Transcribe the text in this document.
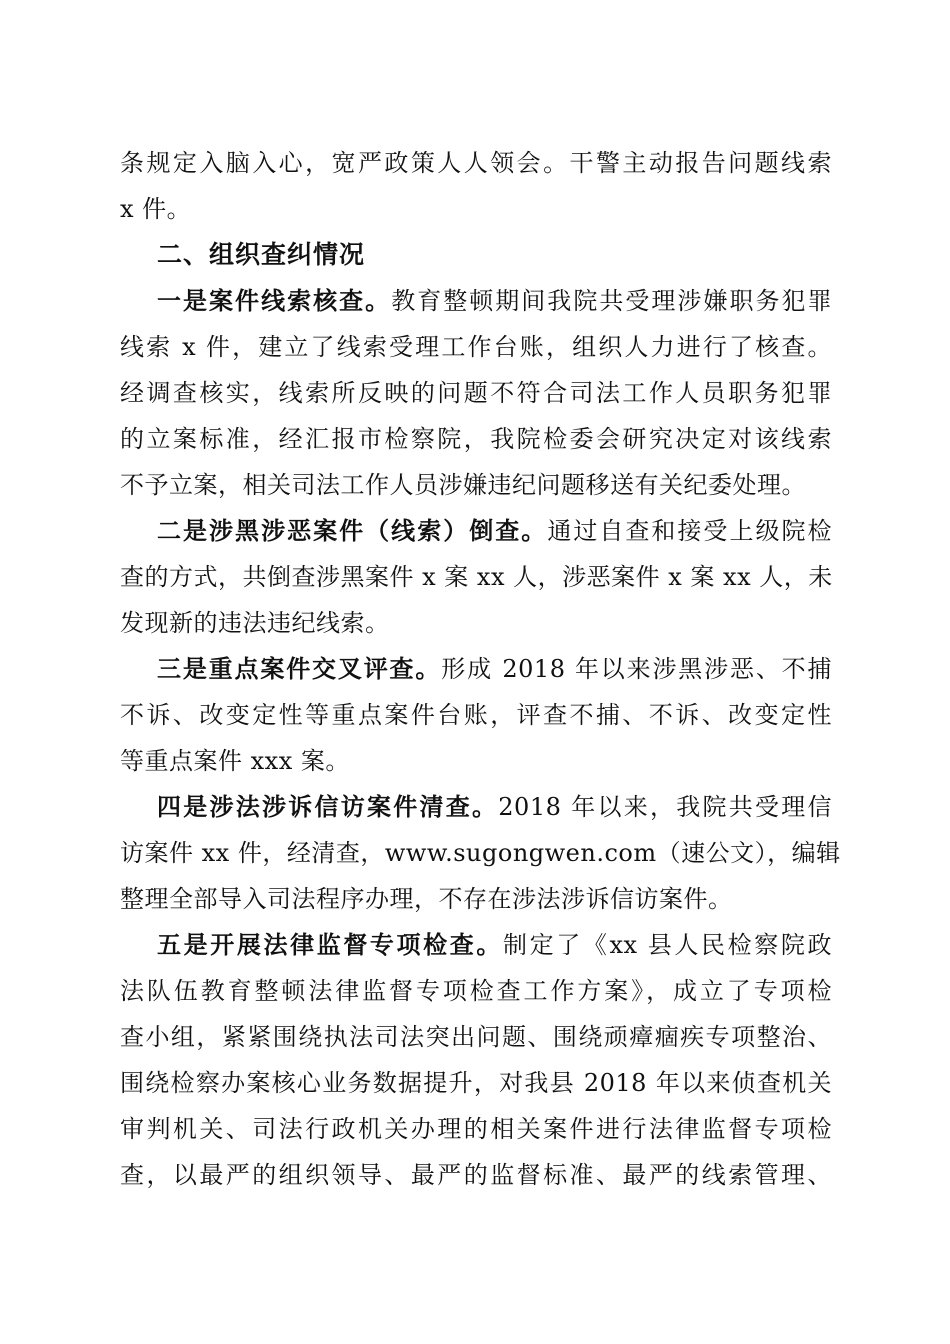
条规定入脑入心，宽严政策人人领会。干警主动报告问题线索
x 件。
二、组织查纠情况
一是案件线索核查。教育整顿期间我院共受理涉嫌职务犯罪
线索 x 件，建立了线索受理工作台账，组织人力进行了核查。
经调查核实，线索所反映的问题不符合司法工作人员职务犯罪
的立案标准，经汇报市检察院，我院检委会研究决定对该线索
不予立案，相关司法工作人员涉嫌违纪问题移送有关纪委处理。
二是涉黑涉恶案件（线索）倒查。通过自查和接受上级院检
查的方式，共倒查涉黑案件 x 案 xx 人，涉恶案件 x 案 xx 人，未
发现新的违法违纪线索。
三是重点案件交叉评查。形成 2018 年以来涉黑涉恶、不捕
不诉、改变定性等重点案件台账，评查不捕、不诉、改变定性
等重点案件 xxx 案。
四是涉法涉诉信访案件清查。2018 年以来，我院共受理信
访案件 xx 件，经清查，www.sugongwen.com（速公文），编辑
整理全部导入司法程序办理，不存在涉法涉诉信访案件。
五是开展法律监督专项检查。制定了《xx 县人民检察院政
法队伍教育整顿法律监督专项检查工作方案》，成立了专项检
查小组，紧紧围绕执法司法突出问题、围绕顽瘴痼疾专项整治、
围绕检察办案核心业务数据提升，对我县 2018 年以来侦查机关
审判机关、司法行政机关办理的相关案件进行法律监督专项检
查，以最严的组织领导、最严的监督标准、最严的线索管理、
